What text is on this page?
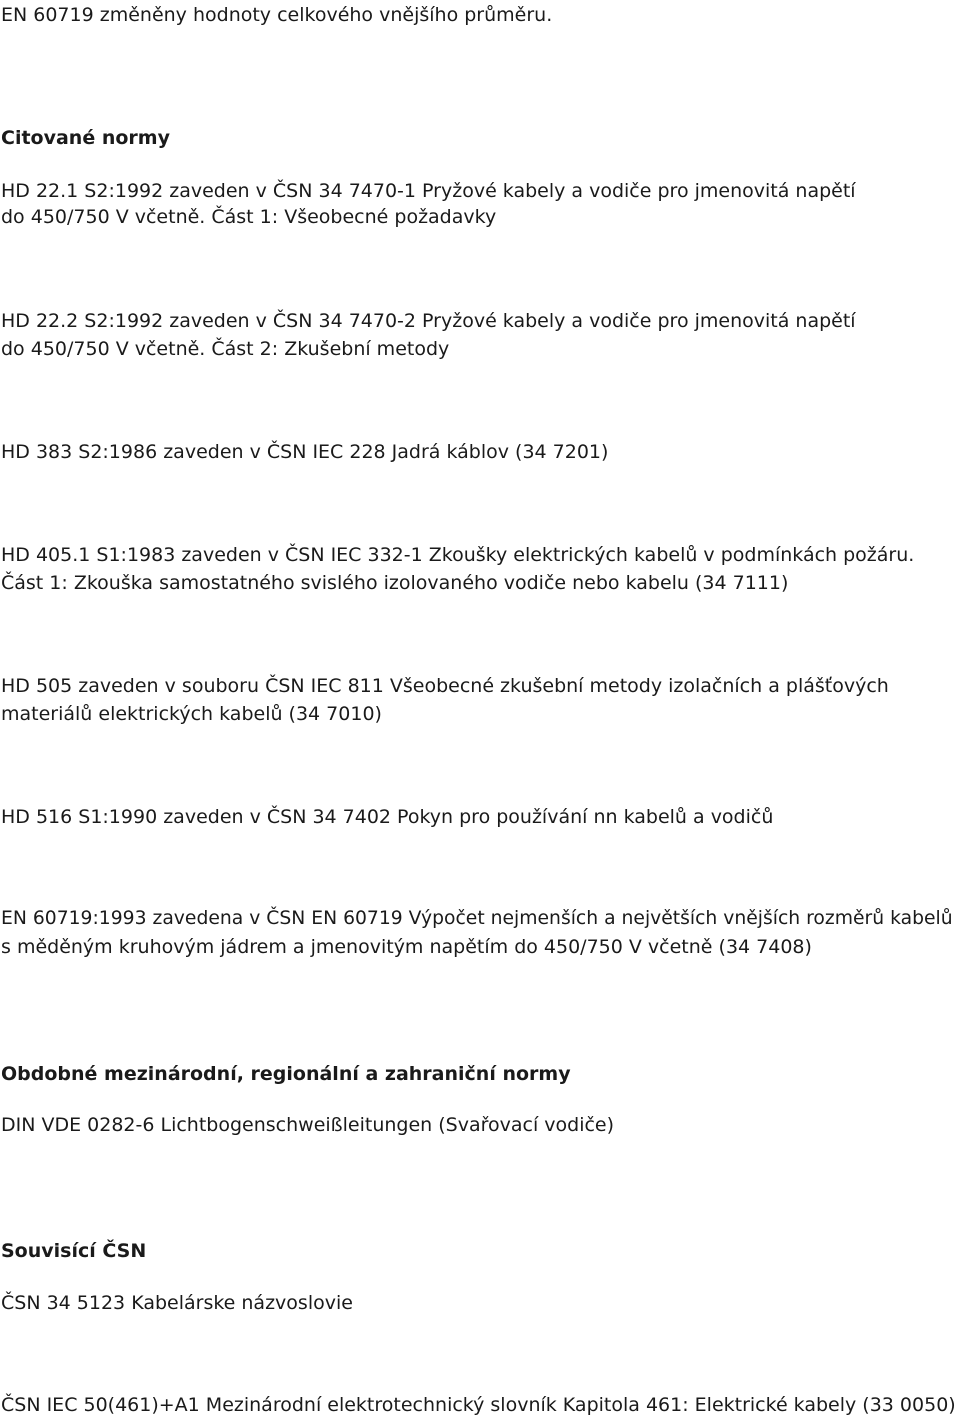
EN 60719 změněny hodnoty celkového vnějšího průměru.

Citované normy

HD 22.1 S2:1992 zaveden v ČSN 34 7470-1 Pryžové kabely a vodiče pro jmenovitá napětí

do 450/750 V včetně. Část 1: Všeobecné požadavky

HD 22.2 S2:1992 zaveden v ČSN 34 7470-2 Pryžové kabely a vodiče pro jmenovitá napětí

do 450/750 V včetně. Část 2: Zkušební metody

HD 383 S2:1986 zaveden v ČSN IEC 228 Jadrá káblov (34 7201)

HD 405.1 S1:1983 zaveden v ČSN IEC 332-1 Zkoušky elektrických kabelů v podmínkách požáru.

Část 1: Zkouška samostatného svislého izolovaného vodiče nebo kabelu (34 7111)

HD 505 zaveden v souboru ČSN IEC 811 Všeobecné zkušební metody izolačních a plášťových

materiálů elektrických kabelů (34 7010)

HD 516 S1:1990 zaveden v ČSN 34 7402 Pokyn pro používání nn kabelů a vodičů

EN 60719:1993 zavedena v ČSN EN 60719 Výpočet nejmenších a největších vnějších rozměrů kabelů

s měděným kruhovým jádrem a jmenovitým napětím do 450/750 V včetně (34 7408)

Obdobné mezinárodní, regionální a zahraniční normy

DIN VDE 0282-6 Lichtbogenschweißleitungen (Svařovací vodiče)

Souvisící ČSN

ČSN 34 5123 Kabelárske názvoslovie

ČSN IEC 50(461)+A1 Mezinárodní elektrotechnický slovník Kapitola 461: Elektrické kabely (33 0050)
